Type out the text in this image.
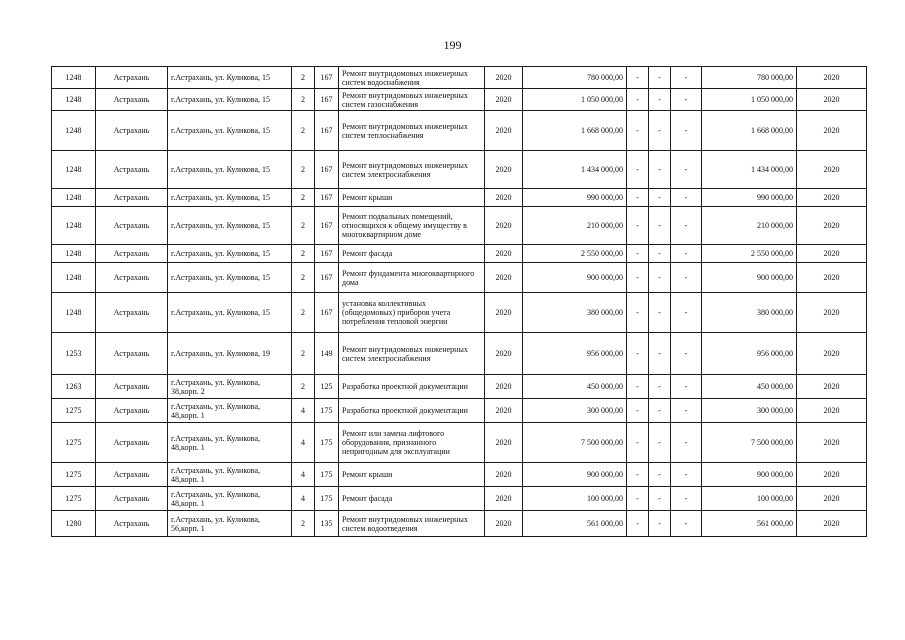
199
1248	Астрахань	г.Астрахань, ул. Куликова, 15	2	167	Ремонт внутридомовых инженерных систем водоснабжения	2020	780 000,00	-	-	-	780 000,00	2020
1248	Астрахань	г.Астрахань, ул. Куликова, 15	2	167	Ремонт внутридомовых инженерных систем газоснабжения	2020	1 050 000,00	-	-	-	1 050 000,00	2020
1248	Астрахань	г.Астрахань, ул. Куликова, 15	2	167	Ремонт внутридомовых инженерных систем теплоснабжения	2020	1 668 000,00	-	-	-	1 668 000,00	2020
1248	Астрахань	г.Астрахань, ул. Куликова, 15	2	167	Ремонт внутридомовых инженерных систем электроснабжения	2020	1 434 000,00	-	-	-	1 434 000,00	2020
1248	Астрахань	г.Астрахань, ул. Куликова, 15	2	167	Ремонт крыши	2020	990 000,00	-	-	-	990 000,00	2020
1248	Астрахань	г.Астрахань, ул. Куликова, 15	2	167	Ремонт подвальных помещений, относящихся к общему имуществу в многоквартирном доме	2020	210 000,00	-	-	-	210 000,00	2020
1248	Астрахань	г.Астрахань, ул. Куликова, 15	2	167	Ремонт фасада	2020	2 550 000,00	-	-	-	2 550 000,00	2020
1248	Астрахань	г.Астрахань, ул. Куликова, 15	2	167	Ремонт фундамента многоквартирного дома	2020	900 000,00	-	-	-	900 000,00	2020
1248	Астрахань	г.Астрахань, ул. Куликова, 15	2	167	установка коллективных (общедомовых) приборов учета потребления тепловой энергии	2020	380 000,00	-	-	-	380 000,00	2020
1253	Астрахань	г.Астрахань, ул. Куликова, 19	2	149	Ремонт внутридомовых инженерных систем электроснабжения	2020	956 000,00	-	-	-	956 000,00	2020
1263	Астрахань	г.Астрахань, ул. Куликова, 38,корп. 2	2	125	Разработка проектной документации	2020	450 000,00	-	-	-	450 000,00	2020
1275	Астрахань	г.Астрахань, ул. Куликова, 48,корп. 1	4	175	Разработка проектной документации	2020	300 000,00	-	-	-	300 000,00	2020
1275	Астрахань	г.Астрахань, ул. Куликова, 48,корп. 1	4	175	Ремонт или замена лифтового оборудования, признанного непригодным для эксплуатации	2020	7 500 000,00	-	-	-	7 500 000,00	2020
1275	Астрахань	г.Астрахань, ул. Куликова, 48,корп. 1	4	175	Ремонт крыши	2020	900 000,00	-	-	-	900 000,00	2020
1275	Астрахань	г.Астрахань, ул. Куликова, 48,корп. 1	4	175	Ремонт фасада	2020	100 000,00	-	-	-	100 000,00	2020
1280	Астрахань	г.Астрахань, ул. Куликова, 56,корп. 1	2	135	Ремонт внутридомовых инженерных систем водоотведения	2020	561 000,00	-	-	-	561 000,00	2020
